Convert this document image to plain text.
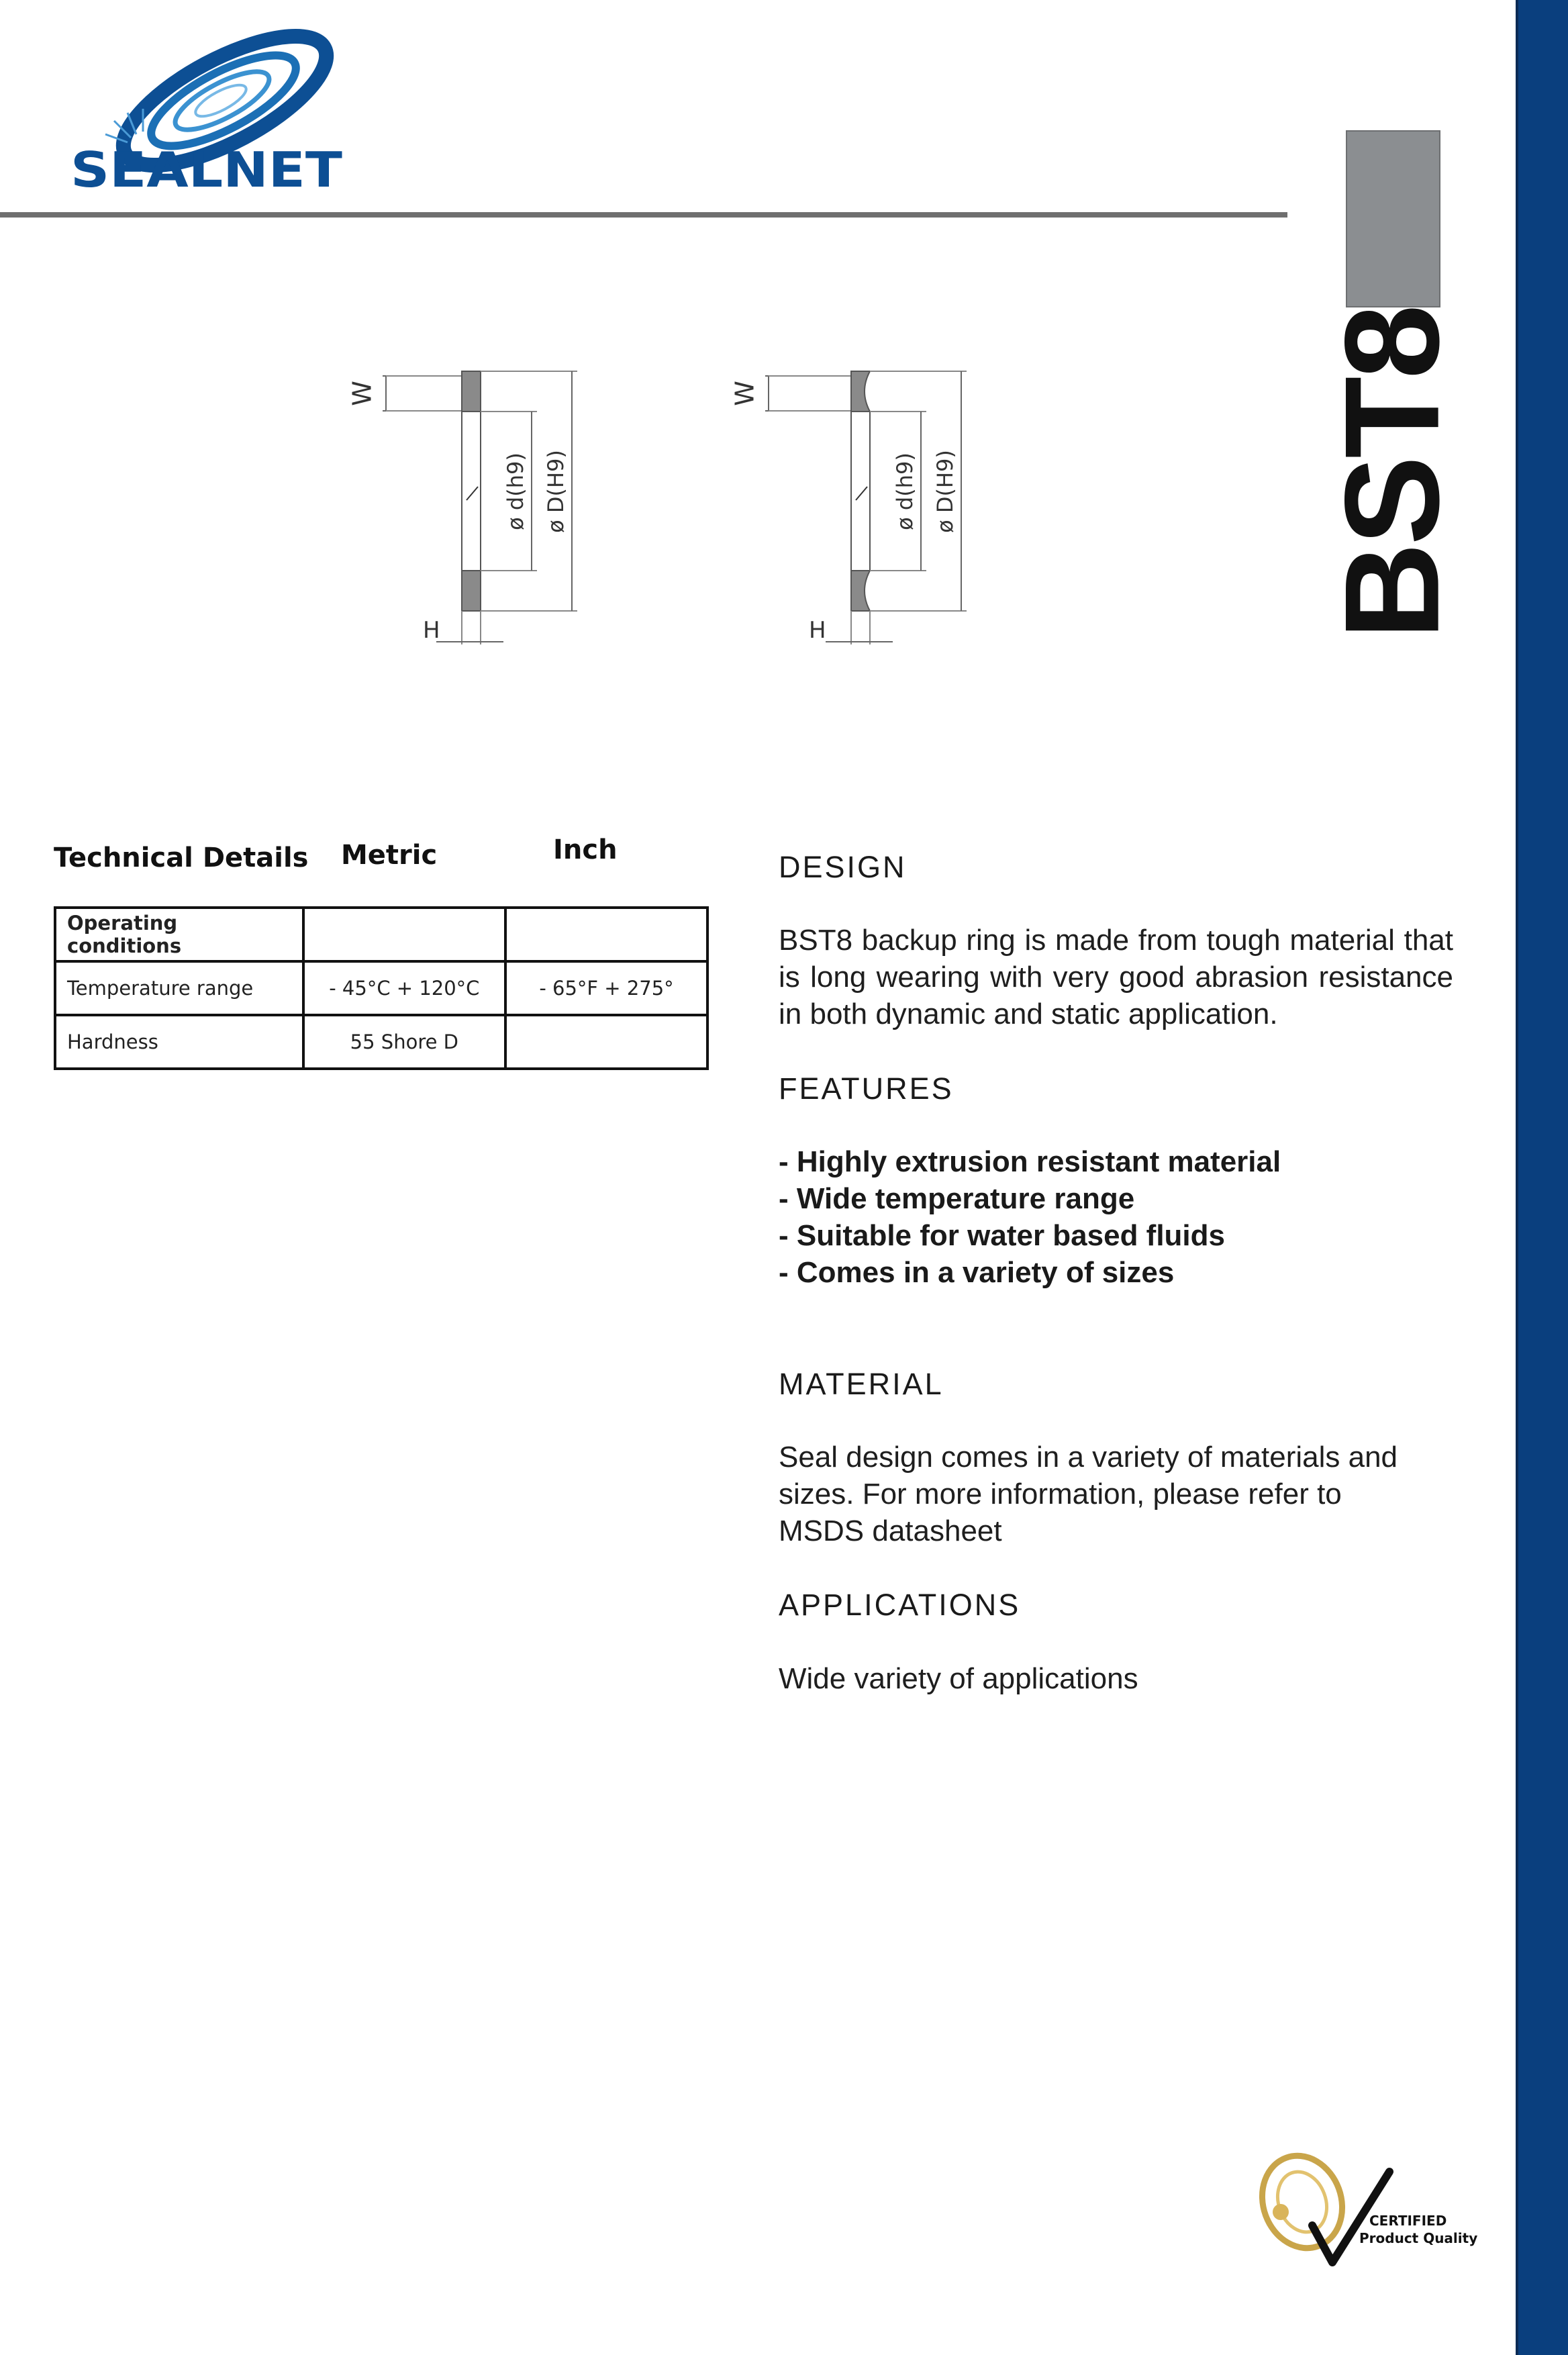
SEALNET
BST8
W
ø d(h9) ø D(H9)
H
W
ø d(h9) ø D(H9)
H
Technical Details Metric	Inch
Operating conditions		
Temperature range	- 45°C + 120°C	- 65°F + 275°
Hardness	55 Shore D	
DESIGN
BST8 backup ring is made from tough material that is long wearing with very good abrasion resistance in both dynamic and static application.
FEATURES
- Highly extrusion resistant material
- Wide temperature range
- Suitable for water based fluids
- Comes in a variety of sizes
MATERIAL
Seal design comes in a variety of materials and
sizes. For more information, please refer to
MSDS datasheet
APPLICATIONS
Wide variety of applications
CERTIFIED
Product Quality
